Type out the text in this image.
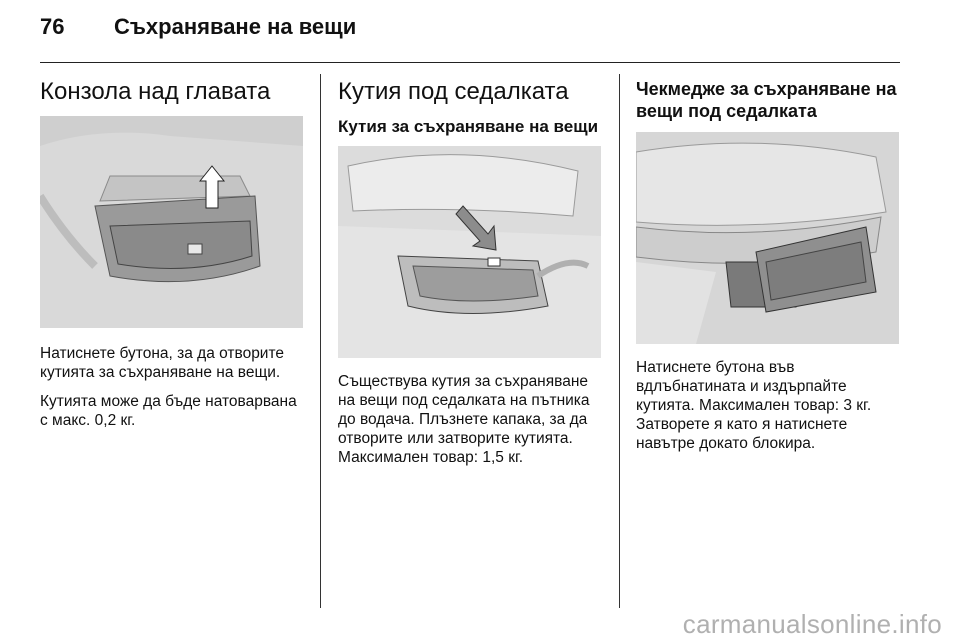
76 Съхраняване на вещи
Конзола над главата

Натиснете бутона, за да отворите кутията за съхраняване на вещи.

Кутията може да бъде натоварвана с макс. 0,2 кг.

Кутия под седалката
Кутия за съхраняване на вещи

Съществува кутия за съхраняване на вещи под седалката на пътника до водача. Плъзнете капака, за да отворите или затворите кутията. Максимален товар: 1,5 кг.

Чекмедже за съхраняване на вещи под седалката

Натиснете бутона във вдлъбнатината и издърпайте кутията. Максимален товар: 3 кг. Затворете я като я натиснете навътре докато блокира.

carmanualsonline.info
